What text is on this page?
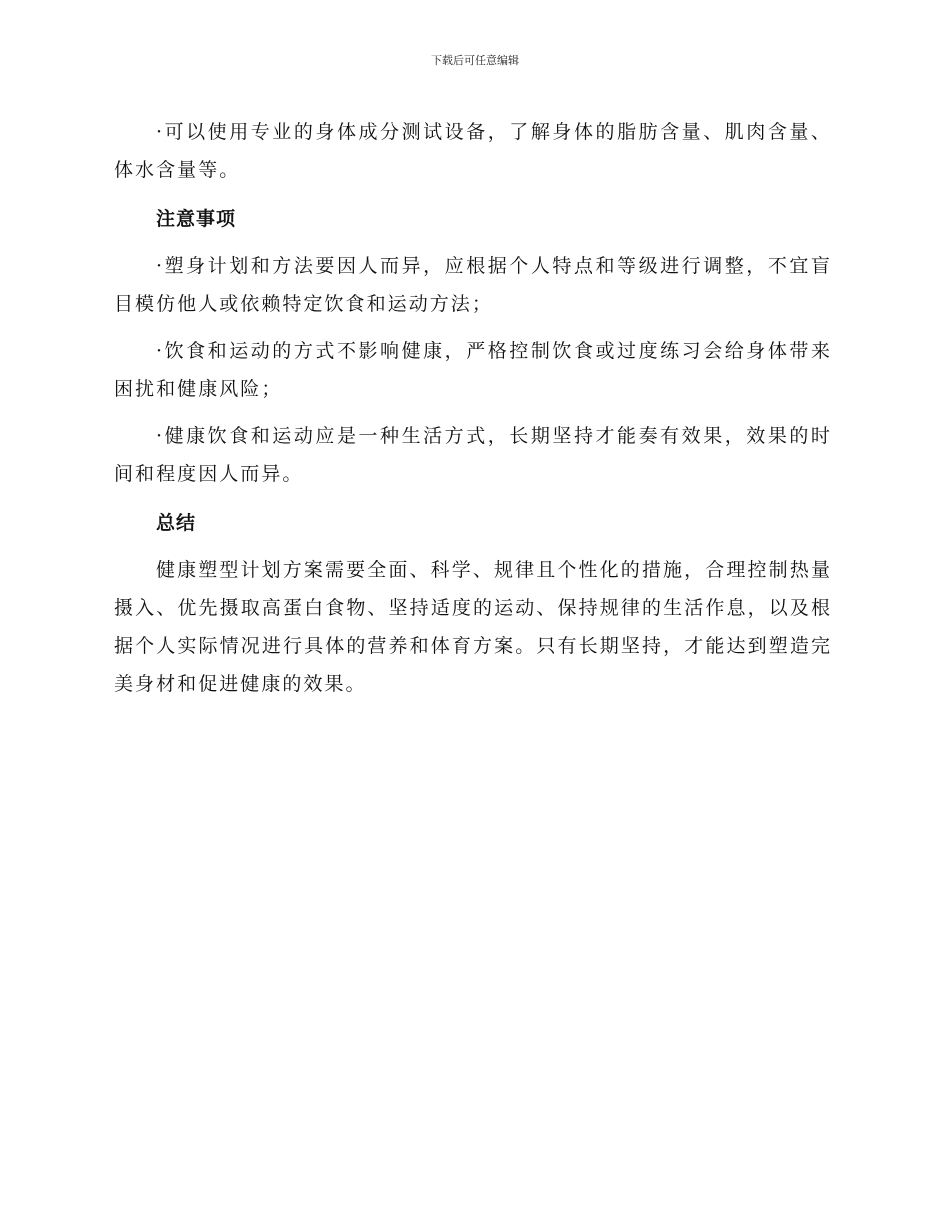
下载后可任意编辑

·可以使用专业的身体成分测试设备，了解身体的脂肪含量、肌肉含量、体水含量等。

注意事项

·塑身计划和方法要因人而异，应根据个人特点和等级进行调整，不宜盲目模仿他人或依赖特定饮食和运动方法；

·饮食和运动的方式不影响健康，严格控制饮食或过度练习会给身体带来困扰和健康风险；

·健康饮食和运动应是一种生活方式，长期坚持才能奏有效果，效果的时间和程度因人而异。

总结

健康塑型计划方案需要全面、科学、规律且个性化的措施，合理控制热量摄入、优先摄取高蛋白食物、坚持适度的运动、保持规律的生活作息，以及根据个人实际情况进行具体的营养和体育方案。只有长期坚持，才能达到塑造完美身材和促进健康的效果。
